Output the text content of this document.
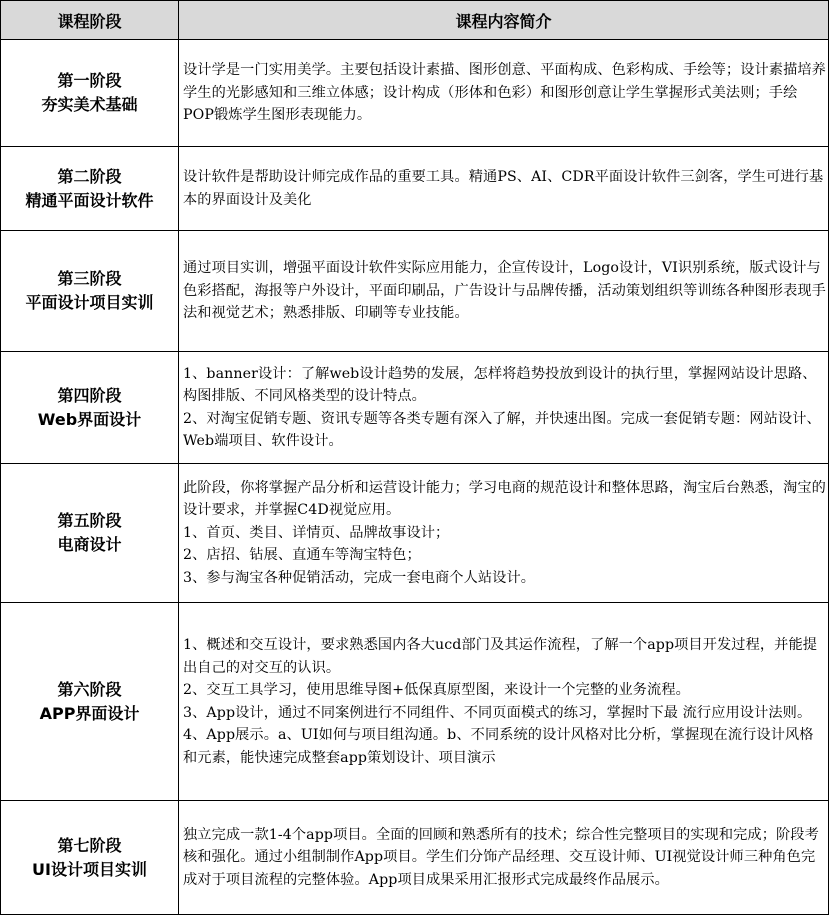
课程阶段	课程内容简介

第一阶段
夯实美术基础	设计学是一门实用美学。主要包括设计素描、图形创意、平面构成、色彩构成、手绘等；设计素描培养学生的光影感知和三维立体感；设计构成（形体和色彩）和图形创意让学生掌握形式美法则；手绘POP锻炼学生图形表现能力。

第二阶段
精通平面设计软件	设计软件是帮助设计师完成作品的重要工具。精通PS、AI、CDR平面设计软件三剑客，学生可进行基本的界面设计及美化

第三阶段
平面设计项目实训	通过项目实训，增强平面设计软件实际应用能力，企宣传设计，Logo设计，VI识别系统，版式设计与色彩搭配，海报等户外设计，平面印刷品，广告设计与品牌传播，活动策划组织等训练各种图形表现手法和视觉艺术；熟悉排版、印刷等专业技能。

第四阶段
Web界面设计	1、banner设计：了解web设计趋势的发展，怎样将趋势投放到设计的执行里，掌握网站设计思路、构图排版、不同风格类型的设计特点。
2、对淘宝促销专题、资讯专题等各类专题有深入了解，并快速出图。完成一套促销专题：网站设计、Web端项目、软件设计。

第五阶段
电商设计	此阶段，你将掌握产品分析和运营设计能力；学习电商的规范设计和整体思路，淘宝后台熟悉，淘宝的设计要求，并掌握C4D视觉应用。
1、首页、类目、详情页、品牌故事设计；
2、店招、钻展、直通车等淘宝特色；
3、参与淘宝各种促销活动，完成一套电商个人站设计。

第六阶段
APP界面设计	1、概述和交互设计，要求熟悉国内各大ucd部门及其运作流程，了解一个app项目开发过程，并能提出自己的对交互的认识。
2、交互工具学习，使用思维导图+低保真原型图，来设计一个完整的业务流程。
3、App设计，通过不同案例进行不同组件、不同页面模式的练习，掌握时下最 流行应用设计法则。
4、App展示。a、UI如何与项目组沟通。b、不同系统的设计风格对比分析，掌握现在流行设计风格和元素，能快速完成整套app策划设计、项目演示

第七阶段
UI设计项目实训	独立完成一款1-4个app项目。全面的回顾和熟悉所有的技术；综合性完整项目的实现和完成；阶段考核和强化。通过小组制制作App项目。学生们分饰产品经理、交互设计师、UI视觉设计师三种角色完成对于项目流程的完整体验。App项目成果采用汇报形式完成最终作品展示。
